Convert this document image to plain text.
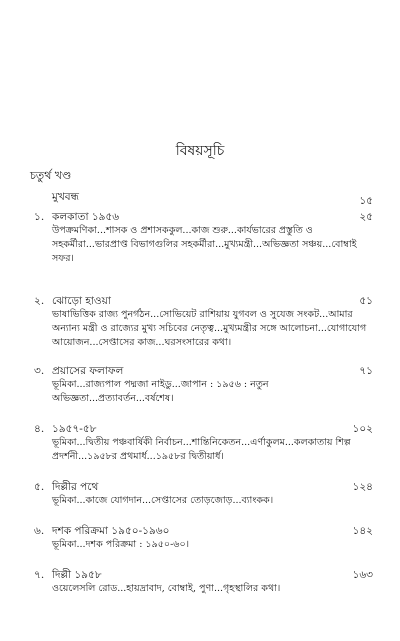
বিষয়সূচি
চতুর্থ খণ্ড
মুখবন্ধ	১৫
১. কলকাতা ১৯৫৬	২৫
উপক্রমণিকা...শাসক ও প্রশাসককুল...কাজ শুরু...কার্যভারের প্রস্তুতি ও সহকর্মীরা...ভারপ্রাপ্ত বিভাগগুলির সহকর্মীরা...মুখ্যমন্ত্রী...অভিজ্ঞতা সঞ্চয়...বোম্বাই সফর।
২. ঝোড়ো হাওয়া	৫১
ভাষাভিত্তিক রাজ্য পুনর্গঠন...সোভিয়েট রাশিয়ায় যুগবল ও সুযেজ সংকট...আমার অন্যান্য মন্ত্রী ও রাজ্যের মুখ্য সচিবের নেতৃত্ব...মুখ্যমন্ত্রীর সঙ্গে আলোচনা...যোগাযোগ আয়োজন...সেপ্তাসের কাজ...ঘরসংসারের কথা।
৩. প্রয়াসের ফলাফল	৭১
ভূমিকা...রাজ্যপাল পদ্মজা নাইডু...জাপান : ১৯৫৬ : নতুন অভিজ্ঞতা...প্রত্যাবর্তন...বর্ষশেষ।
৪. ১৯৫৭-৫৮	১০২
ভূমিকা...দ্বিতীয় পঞ্চবার্ষিকী নির্বাচন...শান্তিনিকেতন...এর্ণাকুলম...কলকাতায় শিল্প প্রদর্শনী...১৯৫৮র প্রথমার্ধ...১৯৫৮র দ্বিতীয়ার্ধ।
৫. দিল্লীর পথে	১২৪
ভূমিকা...কাজে যোগদান...সেপ্তাসের তোড়জোড়...ব্যাংকক।
৬. দশক পরিক্রমা ১৯৫০-১৯৬০	১৪২
ভূমিকা...দশক পরিক্রমা : ১৯৫০-৬০।
৭. দিল্লী ১৯৫৮	১৬৩
ওয়েলেসলি রোড...হায়দ্রাবাদ, বোম্বাই, পুণা...গৃহস্থালির কথা।
